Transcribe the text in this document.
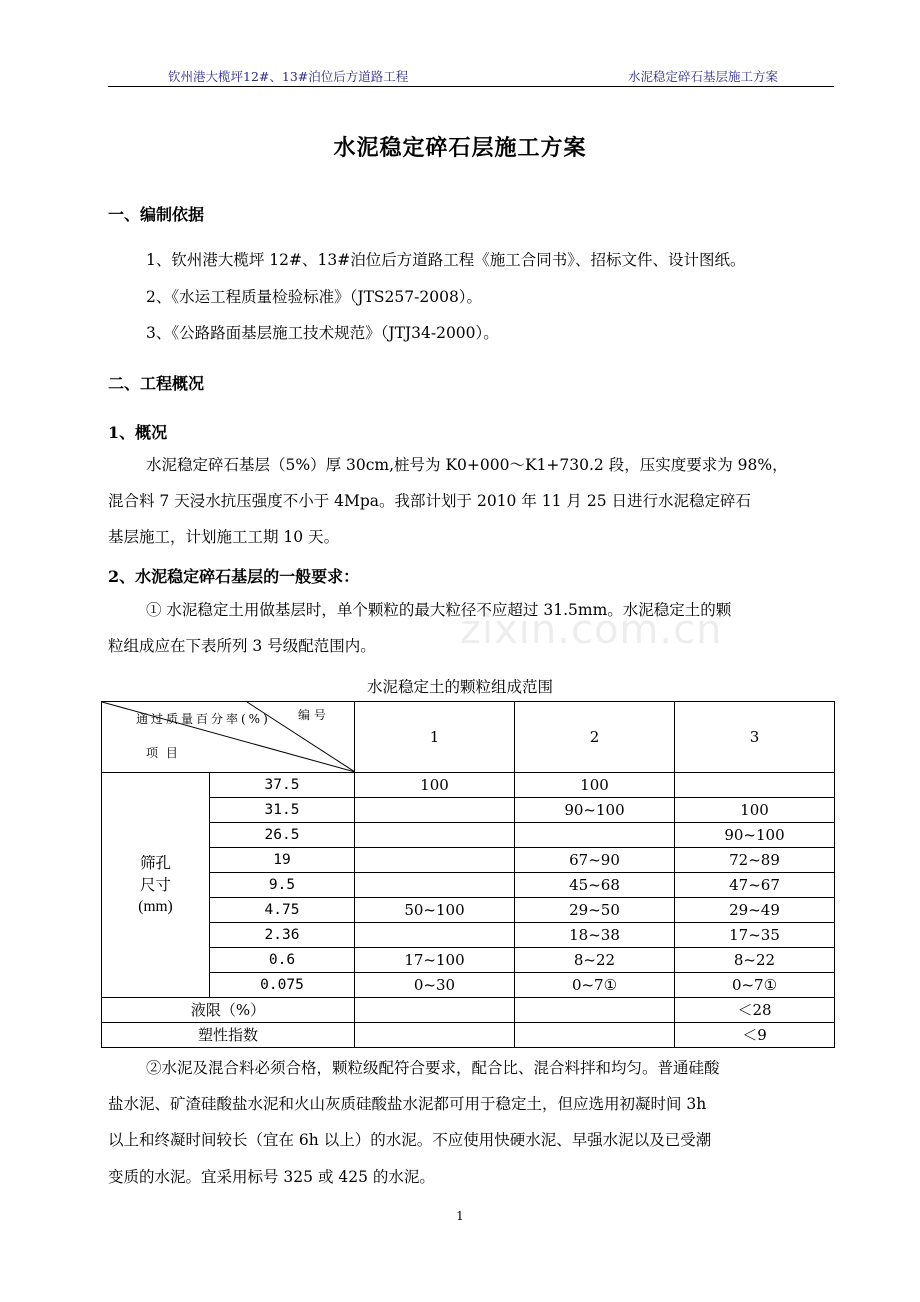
钦州港大榄坪12#、13#泊位后方道路工程	水泥稳定碎石基层施工方案
水泥稳定碎石层施工方案
一、编制依据
1、钦州港大榄坪 12#、13#泊位后方道路工程《施工合同书》、招标文件、设计图纸。
2、《水运工程质量检验标准》（JTS257-2008）。
3、《公路路面基层施工技术规范》（JTJ34-2000）。
二、工程概况
1、概况
水泥稳定碎石基层（5%）厚 30cm,桩号为 K0+000～K1+730.2 段，压实度要求为 98%，
混合料 7 天浸水抗压强度不小于 4Mpa。我部计划于 2010 年 11 月 25 日进行水泥稳定碎石
基层施工，计划施工工期 10 天。
2、水泥稳定碎石基层的一般要求：
① 水泥稳定土用做基层时，单个颗粒的最大粒径不应超过 31.5mm。水泥稳定土的颗
粒组成应在下表所列 3 号级配范围内。 zixin.com.cn
水泥稳定土的颗粒组成范围
编 号
通过质量百分率(%)
项 目		1	2	3

筛孔
尺寸
(mm)	37.5	100	100	
	31.5		90~100	100
	26.5			90~100
	19		67~90	72~89
	9.5		45~68	47~67
	4.75	50~100	29~50	29~49
	2.36		18~38	17~35
	0.6	17~100	8~22	8~22
	0.075	0~30	0~7①	0~7①
液限（%）				＜28
塑性指数				＜9
②水泥及混合料必须合格，颗粒级配符合要求，配合比、混合料拌和均匀。普通硅酸
盐水泥、矿渣硅酸盐水泥和火山灰质硅酸盐水泥都可用于稳定土，但应选用初凝时间 3h
以上和终凝时间较长（宜在 6h 以上）的水泥。不应使用快硬水泥、早强水泥以及已受潮
变质的水泥。宜采用标号 325 或 425 的水泥。
1
